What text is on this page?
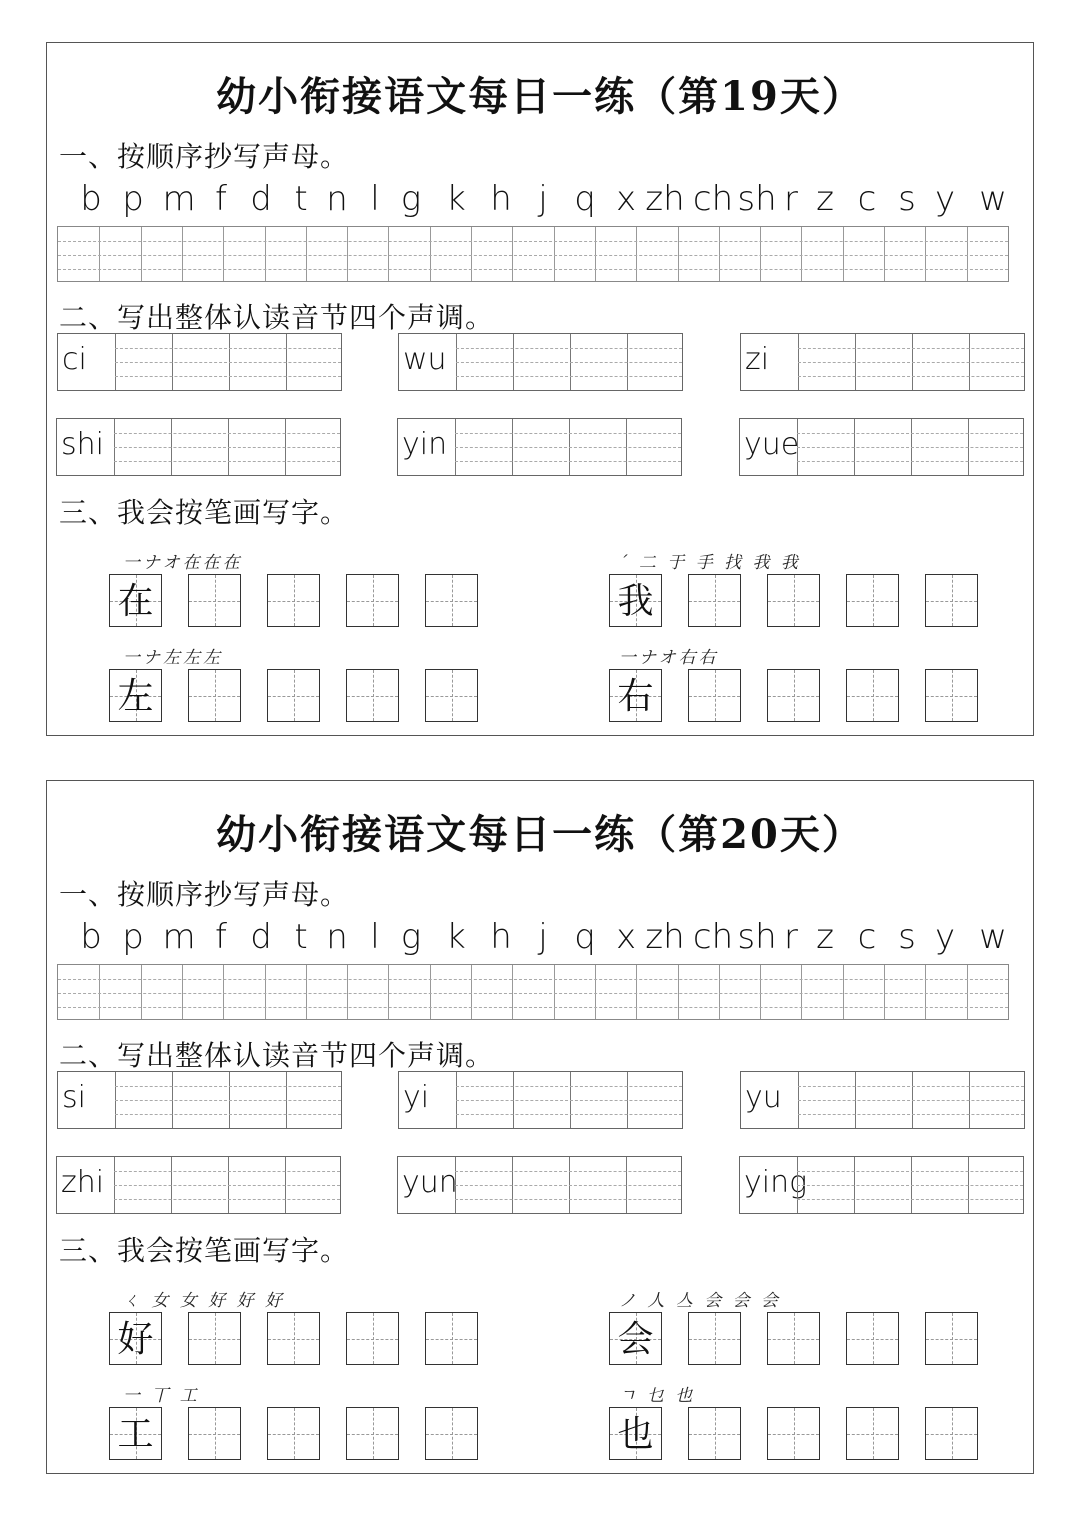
幼小衔接语文每日一练（第19天）
一、按顺序抄写声母。
b p m f d t n l g k h j q x zh ch sh r z c s y w
二、写出整体认读音节四个声调。
ci	wu	zi
shi	yin	yue
三、我会按笔画写字。
一ナオ在在在
在
ˊ 二 于 手 找 我 我
我
一ナ左左左
左
一ナオ右右
右
幼小衔接语文每日一练（第20天）
一、按顺序抄写声母。
b p m f d t n l g k h j q x zh ch sh r z c s y w
二、写出整体认读音节四个声调。
si	yi	yu
zhi	yun	ying
三、我会按笔画写字。
ㄑ 女 女 好 好 好
好
ノ 人 亼 会 会 会
会
一 丅 工
工
ㄱ 乜 也
也
